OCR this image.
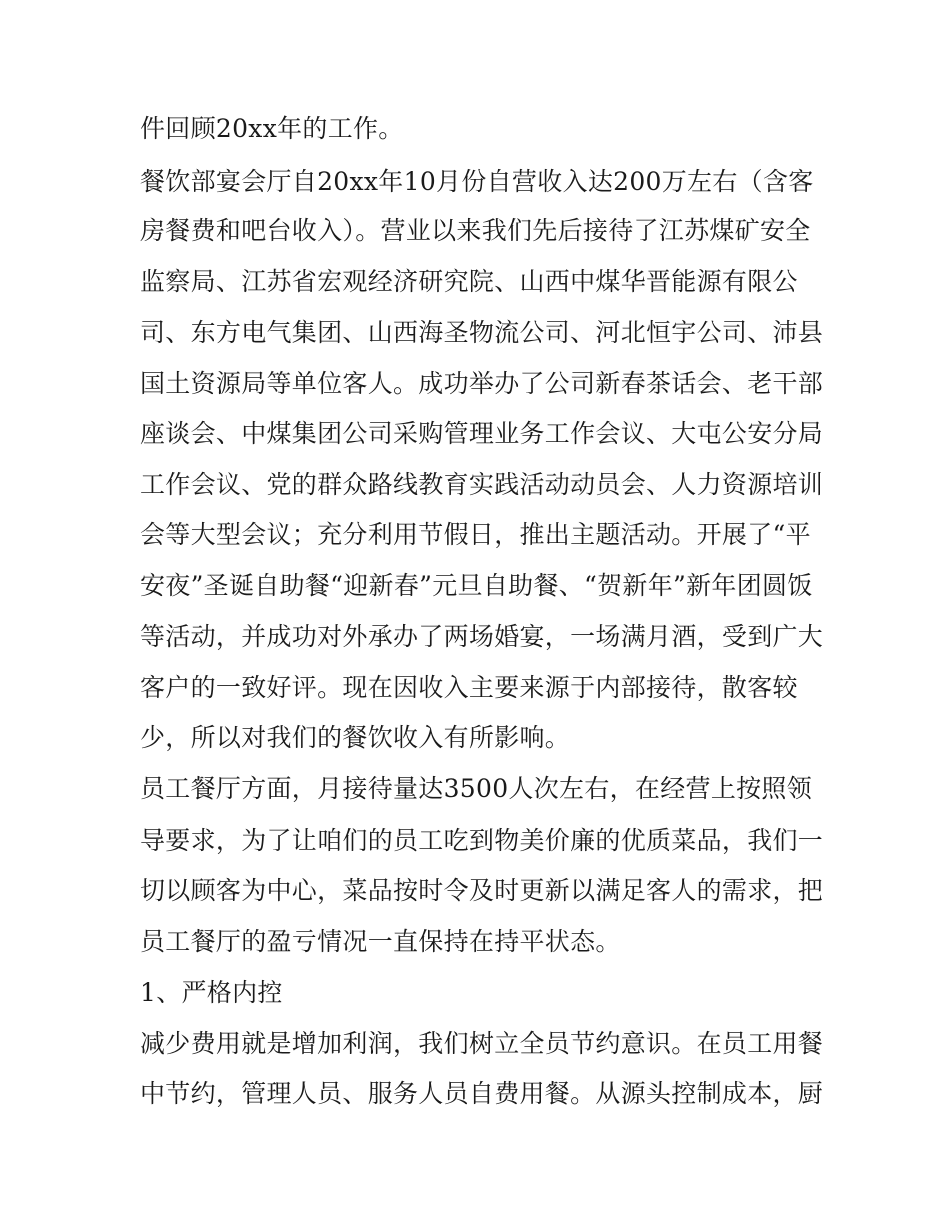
件回顾20xx年的工作。
餐饮部宴会厅自20xx年10月份自营收入达200万左右（含客
房餐费和吧台收入）。营业以来我们先后接待了江苏煤矿安全
监察局、江苏省宏观经济研究院、山西中煤华晋能源有限公
司、东方电气集团、山西海圣物流公司、河北恒宇公司、沛县
国土资源局等单位客人。成功举办了公司新春茶话会、老干部
座谈会、中煤集团公司采购管理业务工作会议、大屯公安分局
工作会议、党的群众路线教育实践活动动员会、人力资源培训
会等大型会议；充分利用节假日，推出主题活动。开展了“平
安夜”圣诞自助餐“迎新春”元旦自助餐、“贺新年”新年团圆饭
等活动，并成功对外承办了两场婚宴，一场满月酒，受到广大
客户的一致好评。现在因收入主要来源于内部接待，散客较
少，所以对我们的餐饮收入有所影响。
员工餐厅方面，月接待量达3500人次左右，在经营上按照领
导要求，为了让咱们的员工吃到物美价廉的优质菜品，我们一
切以顾客为中心，菜品按时令及时更新以满足客人的需求，把
员工餐厅的盈亏情况一直保持在持平状态。
1、严格内控
减少费用就是增加利润，我们树立全员节约意识。在员工用餐
中节约，管理人员、服务人员自费用餐。从源头控制成本，厨
